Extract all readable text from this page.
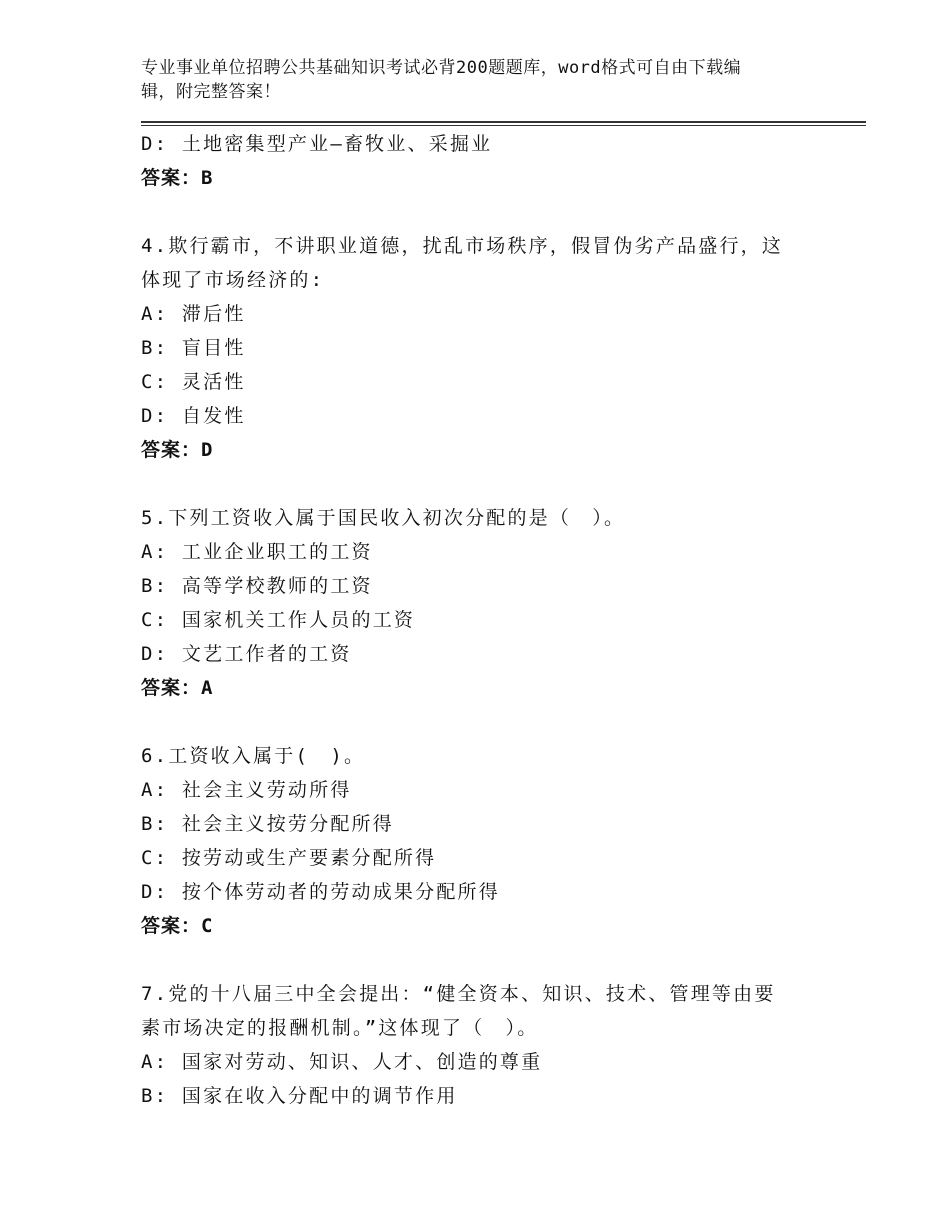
专业事业单位招聘公共基础知识考试必背200题题库，word格式可自由下载编
辑，附完整答案！
D: 土地密集型产业—畜牧业、采掘业
答案：B
4.欺行霸市，不讲职业道德，扰乱市场秩序，假冒伪劣产品盛行，这
体现了市场经济的:
A: 滞后性
B: 盲目性
C: 灵活性
D: 自发性
答案：D
5.下列工资收入属于国民收入初次分配的是（　）。
A: 工业企业职工的工资
B: 高等学校教师的工资
C: 国家机关工作人员的工资
D: 文艺工作者的工资
答案：A
6.工资收入属于(　)。
A: 社会主义劳动所得
B: 社会主义按劳分配所得
C: 按劳动或生产要素分配所得
D: 按个体劳动者的劳动成果分配所得
答案：C
7.党的十八届三中全会提出：“健全资本、知识、技术、管理等由要
素市场决定的报酬机制。”这体现了（　）。
A: 国家对劳动、知识、人才、创造的尊重
B: 国家在收入分配中的调节作用
